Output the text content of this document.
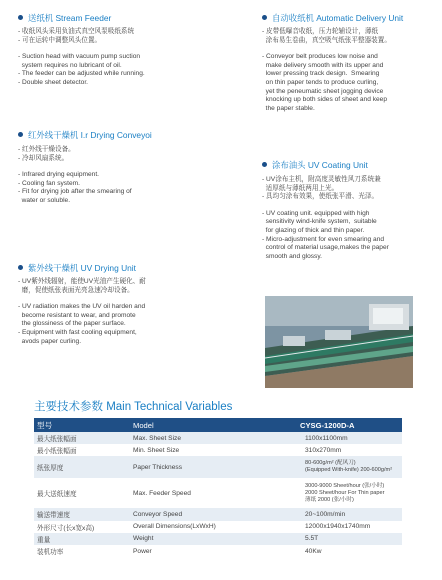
送纸机 Stream Feeder
- 收纸风头采用负油式真空风泵吸纸系统
- 可在运转中调整风头位置。
- Suction head with vacuum pump suction
system requires no lubricant of oil.
- The feeder can be adjusted while running.
- Double sheet detector.
红外线干燥机 I.r Drying Conveyoi
- 红外线干燥设备。
- 冷却风扇系统。
- Infrared drying equipment.
- Cooling fan system.
- Fit for drying job after the smearing of
water or soluble.
紫外线干燥机 UV Drying Unit
- UV紫外线辐射，能使UV光油产生硬化、耐
磨，促使纸张表面光亮急速冷却设备。
- UV radiation makes the UV oil harden and
become resistant to wear, and promote
the glossiness of the paper surface.
- Equipment with fast cooling equipment,
avods paper curling.
自动收纸机 Automatic Delivery Unit
- 皮带低曝音收纸，压力轮辅设计，薄纸
涂布易生卷曲，真空吸气纸张平整器装置。
- Conveyor belt produces low noise and
make delivery smooth with its upper and
lower pressing track design.  Smearing
on thin paper tends to produce curling,
yet the peneumatic sheet jogging device
knocking up both sides of sheet and keep
the paper stable.
涂布油头 UV Coating Unit
- UV涂布主机，附高度灵敏性风刀系统兼
适厚纸与薄纸两用上光。
- 具均匀涂布效果，使纸张平滑、光泽。
- UV coating unit. equipped with high
sensitivity wind-knife system,  suitable
for glazing of thick and thin paper.
- Micro-adjustment for even smearing and
control of material usage,makes the paper
smooth and glossy.
主要技术参数 Main Technical Variables
型号	Model	CYSG-1200D-A
最大纸张幅面	Max. Sheet Size	1100x1100mm
最小纸张幅面	Min. Sheet Size	310x270mm
纸张厚度	Paper Thickness	80-600g/m² (配风刀)
(Equipped With-knife) 200-600g/m²
最大送纸速度	Max. Feeder Speed	3000-9000 Sheet/hour (张/小时)
2000 Sheet/hour For Thin paper
薄纸 2000 (张/小时)
输送带速度	Conveyor Speed	20~100m/min
外形尺寸(长x宽x高)	Overall Dimensions(LxWxH)	12000x1940x1740mm
重量	Weight	5.5T
装机功率	Power	40Kw
